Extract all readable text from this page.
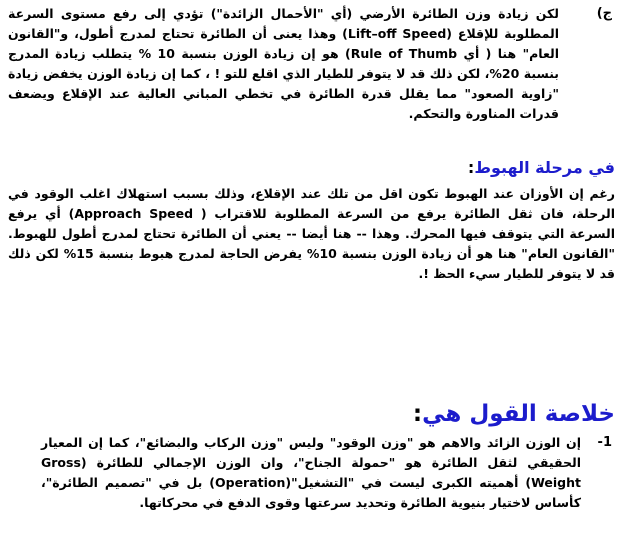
ج)

لكن زيادة وزن الطائرة الأرضي (أي "الأحمال الزائدة") تؤدي إلى رفع مستوى السرعة المطلوبة للإقلاع (Lift–off Speed) وهذا يعنى أن الطائرة تحتاج لمدرج أطول، و"القانون العام" هنا ( أي Rule of Thumb) هو إن زيادة الوزن بنسبة 10 % يتطلب زيادة المدرج بنسبة 20%، لكن ذلك قد لا يتوفر للطيار الذي اقلع للتو ! ، كما إن زيادة الوزن يخفض زيادة "زاوية الصعود" مما يقلل قدرة الطائرة في تخطي المباني العالية عند الإقلاع ويضعف قدرات المناورة والتحكم.

في مرحلة الهبوط:

رغم إن الأوزان عند الهبوط تكون اقل من تلك عند الإقلاع، وذلك بسبب استهلاك اغلب الوقود في الرحلة، فان ثقل الطائرة يرفع من السرعة المطلوبة للاقتراب ( Approach Speed) أي يرفع السرعة التي يتوقف فيها المحرك. وهذا -- هنا أيضا -- يعني أن الطائرة تحتاج لمدرج أطول للهبوط. "القانون العام" هنا هو أن زيادة الوزن بنسبة 10% يفرض الحاجة لمدرج هبوط بنسبة 15% لكن ذلك قد لا يتوفر للطيار سيء الحظ !.

خلاصة القول هي:
1-

إن الوزن الزائد والاهم هو "وزن الوقود" وليس "وزن الركاب والبضائع"، كما إن المعيار الحقيقي لثقل الطائرة هو "حمولة الجناح"، وان الوزن الإجمالي للطائرة (Gross Weight) أهميته الكبرى ليست في "التشغيل"(Operation) بل في "تصميم الطائرة"، كأساس لاختيار بنيوية الطائرة وتحديد سرعتها وقوى الدفع في محركاتها.
